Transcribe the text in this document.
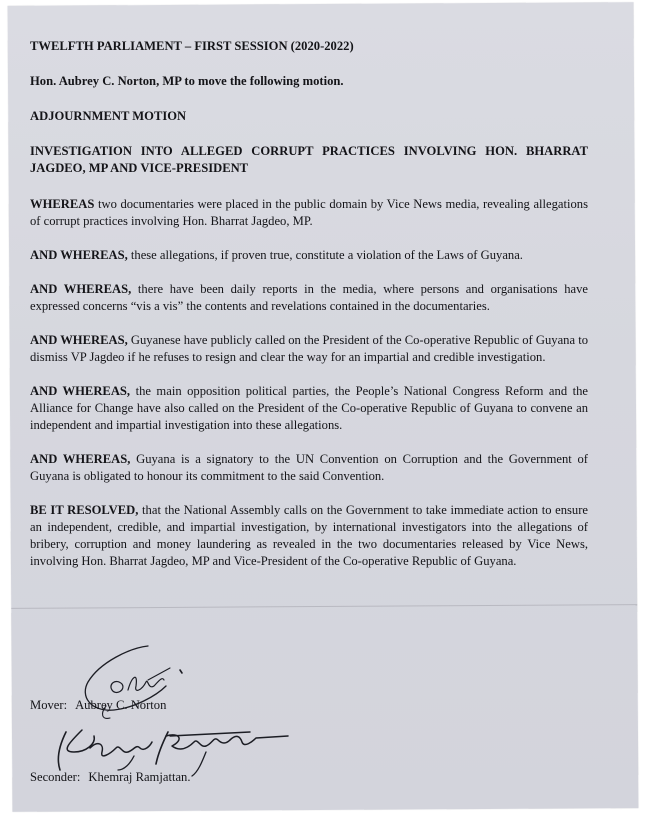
TWELFTH PARLIAMENT – FIRST SESSION (2020-2022)
Hon. Aubrey C. Norton, MP to move the following motion.
ADJOURNMENT MOTION
INVESTIGATION INTO ALLEGED CORRUPT PRACTICES INVOLVING HON. BHARRAT JAGDEO, MP AND VICE-PRESIDENT

WHEREAS two documentaries were placed in the public domain by Vice News media, revealing allegations of corrupt practices involving Hon. Bharrat Jagdeo, MP.

AND WHEREAS, these allegations, if proven true, constitute a violation of the Laws of Guyana.

AND WHEREAS, there have been daily reports in the media, where persons and organisations have expressed concerns “vis a vis” the contents and revelations contained in the documentaries.

AND WHEREAS, Guyanese have publicly called on the President of the Co-operative Republic of Guyana to dismiss VP Jagdeo if he refuses to resign and clear the way for an impartial and credible investigation.

AND WHEREAS, the main opposition political parties, the People’s National Congress Reform and the Alliance for Change have also called on the President of the Co-operative Republic of Guyana to convene an independent and impartial investigation into these allegations.

AND WHEREAS, Guyana is a signatory to the UN Convention on Corruption and the Government of Guyana is obligated to honour its commitment to the said Convention.

BE IT RESOLVED, that the National Assembly calls on the Government to take immediate action to ensure an independent, credible, and impartial investigation, by international investigators into the allegations of bribery, corruption and money laundering as revealed in the two documentaries released by Vice News, involving Hon. Bharrat Jagdeo, MP and Vice-President of the Co-operative Republic of Guyana.

Mover: Aubrey C. Norton
Seconder: Khemraj Ramjattan.
